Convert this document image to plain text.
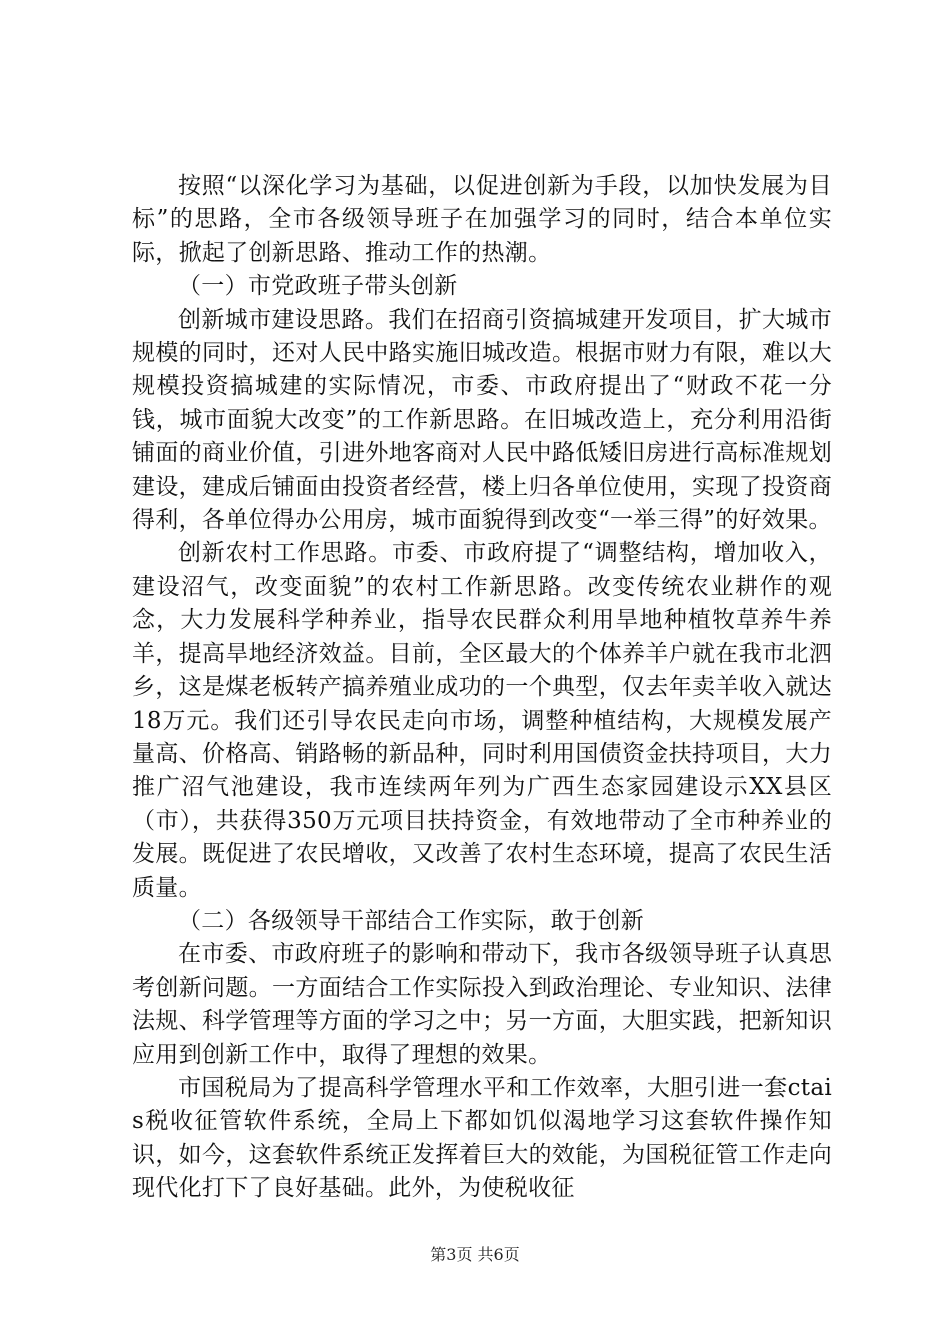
按照“以深化学习为基础，以促进创新为手段，以加快发展为目标”的思路，全市各级领导班子在加强学习的同时，结合本单位实际，掀起了创新思路、推动工作的热潮。

（一）市党政班子带头创新

创新城市建设思路。我们在招商引资搞城建开发项目，扩大城市规模的同时，还对人民中路实施旧城改造。根据市财力有限，难以大规模投资搞城建的实际情况，市委、市政府提出了“财政不花一分钱，城市面貌大改变”的工作新思路。在旧城改造上，充分利用沿街铺面的商业价值，引进外地客商对人民中路低矮旧房进行高标准规划建设，建成后铺面由投资者经营，楼上归各单位使用，实现了投资商得利，各单位得办公用房，城市面貌得到改变“一举三得”的好效果。

创新农村工作思路。市委、市政府提了“调整结构，增加收入，建设沼气，改变面貌”的农村工作新思路。改变传统农业耕作的观念，大力发展科学种养业，指导农民群众利用旱地种植牧草养牛养羊，提高旱地经济效益。目前，全区最大的个体养羊户就在我市北泗乡，这是煤老板转产搞养殖业成功的一个典型，仅去年卖羊收入就达18万元。我们还引导农民走向市场，调整种植结构，大规模发展产量高、价格高、销路畅的新品种，同时利用国债资金扶持项目，大力推广沼气池建设，我市连续两年列为广西生态家园建设示XX县区（市），共获得350万元项目扶持资金，有效地带动了全市种养业的发展。既促进了农民增收，又改善了农村生态环境，提高了农民生活质量。

（二）各级领导干部结合工作实际，敢于创新

在市委、市政府班子的影响和带动下，我市各级领导班子认真思考创新问题。一方面结合工作实际投入到政治理论、专业知识、法律法规、科学管理等方面的学习之中；另一方面，大胆实践，把新知识应用到创新工作中，取得了理想的效果。

市国税局为了提高科学管理水平和工作效率，大胆引进一套ctais税收征管软件系统，全局上下都如饥似渴地学习这套软件操作知识，如今，这套软件系统正发挥着巨大的效能，为国税征管工作走向现代化打下了良好基础。此外，为使税收征

第3页 共6页
